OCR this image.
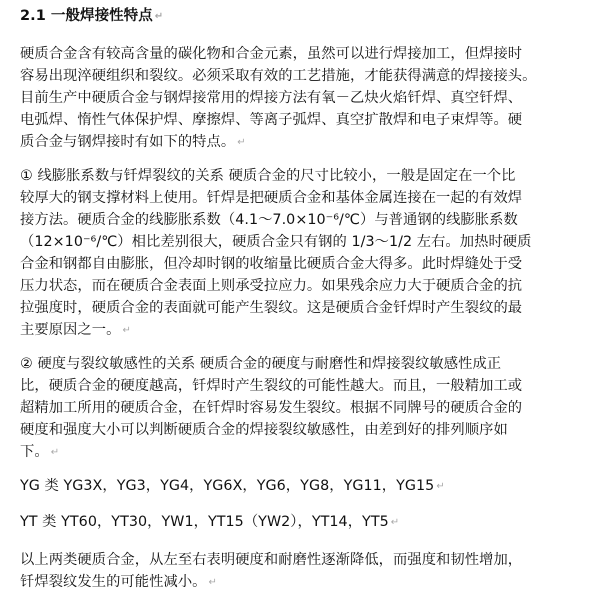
2.1 一般焊接性特点 ↵
硬质合金含有较高含量的碳化物和合金元素，虽然可以进行焊接加工，但焊接时
容易出现淬硬组织和裂纹。必须采取有效的工艺措施，才能获得满意的焊接接头。
目前生产中硬质合金与钢焊接常用的焊接方法有氧－乙炔火焰钎焊、真空钎焊、
电弧焊、惰性气体保护焊、摩擦焊、等离子弧焊、真空扩散焊和电子束焊等。硬
质合金与钢焊接时有如下的特点。 ↵
① 线膨胀系数与钎焊裂纹的关系 硬质合金的尺寸比较小，一般是固定在一个比
较厚大的钢支撑材料上使用。钎焊是把硬质合金和基体金属连接在一起的有效焊
接方法。硬质合金的线膨胀系数（4.1～7.0×10⁻⁶/℃）与普通钢的线膨胀系数
（12×10⁻⁶/℃）相比差别很大，硬质合金只有钢的 1/3～1/2 左右。加热时硬质
合金和钢都自由膨胀，但冷却时钢的收缩量比硬质合金大得多。此时焊缝处于受
压力状态，而在硬质合金表面上则承受拉应力。如果残余应力大于硬质合金的抗
拉强度时，硬质合金的表面就可能产生裂纹。这是硬质合金钎焊时产生裂纹的最
主要原因之一。 ↵
② 硬度与裂纹敏感性的关系 硬质合金的硬度与耐磨性和焊接裂纹敏感性成正
比，硬质合金的硬度越高，钎焊时产生裂纹的可能性越大。而且，一般精加工或
超精加工所用的硬质合金，在钎焊时容易发生裂纹。根据不同牌号的硬质合金的
硬度和强度大小可以判断硬质合金的焊接裂纹敏感性，由差到好的排列顺序如
下。 ↵
YG 类 YG3X，YG3，YG4，YG6X，YG6，YG8，YG11，YG15 ↵
YT 类 YT60，YT30，YW1，YT15（YW2），YT14，YT5 ↵
以上两类硬质合金，从左至右表明硬度和耐磨性逐渐降低，而强度和韧性增加，
钎焊裂纹发生的可能性减小。 ↵
